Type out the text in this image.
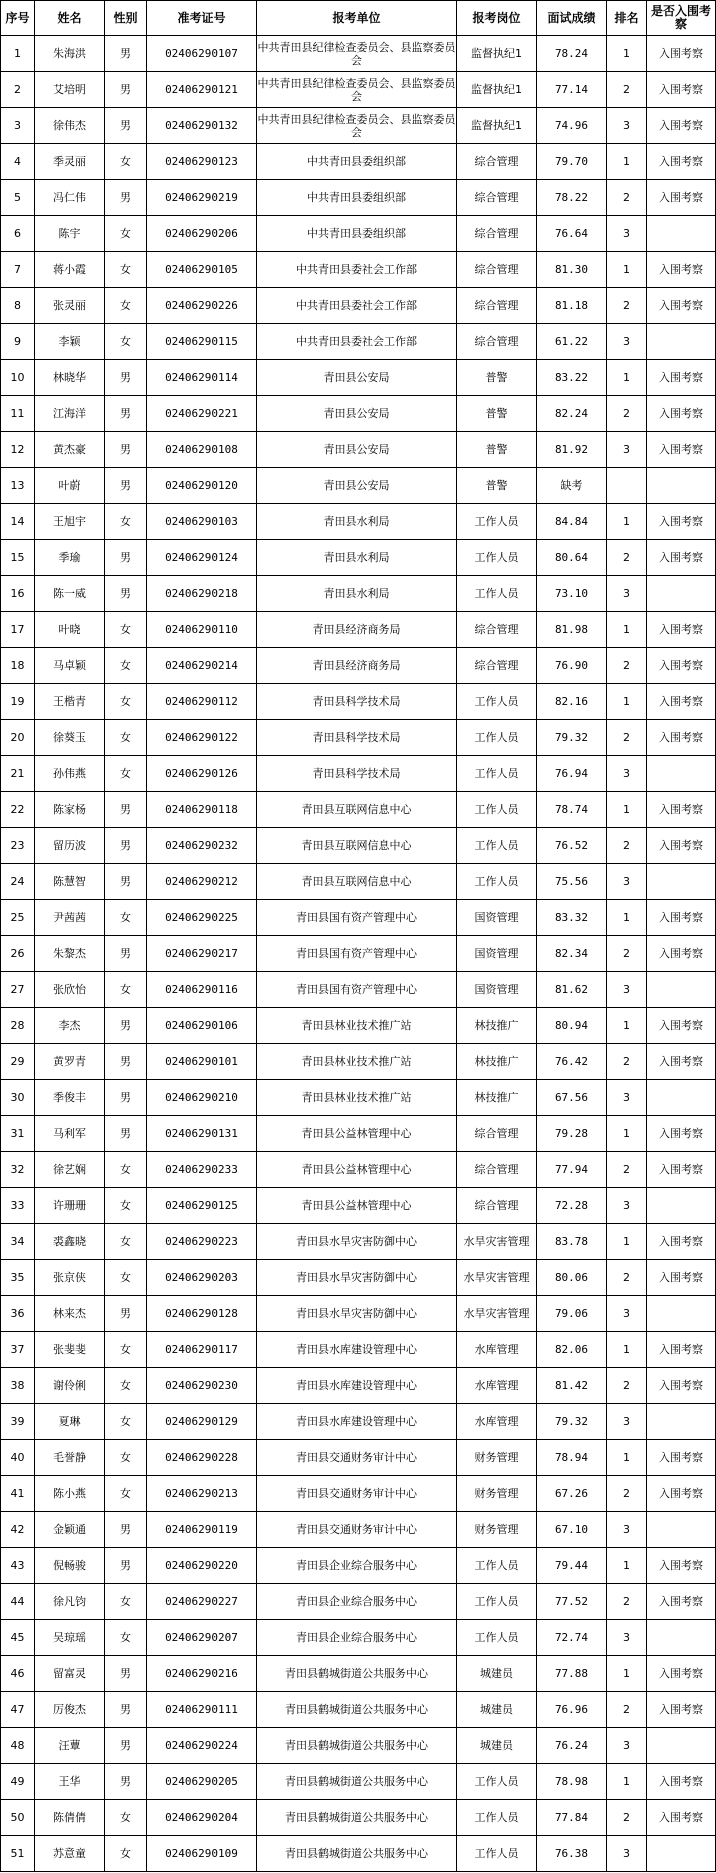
序号	姓名	性别	准考证号	报考单位	报考岗位	面试成绩	排名	是否入围考察
1	朱海洪	男	02406290107	中共青田县纪律检查委员会、县监察委员会	监督执纪1	78.24	1	入围考察
2	艾培明	男	02406290121	中共青田县纪律检查委员会、县监察委员会	监督执纪1	77.14	2	入围考察
3	徐伟杰	男	02406290132	中共青田县纪律检查委员会、县监察委员会	监督执纪1	74.96	3	入围考察
4	季灵丽	女	02406290123	中共青田县委组织部	综合管理	79.70	1	入围考察
5	冯仁伟	男	02406290219	中共青田县委组织部	综合管理	78.22	2	入围考察
6	陈宇	女	02406290206	中共青田县委组织部	综合管理	76.64	3	
7	蒋小霞	女	02406290105	中共青田县委社会工作部	综合管理	81.30	1	入围考察
8	张灵丽	女	02406290226	中共青田县委社会工作部	综合管理	81.18	2	入围考察
9	李颖	女	02406290115	中共青田县委社会工作部	综合管理	61.22	3	
10	林晓华	男	02406290114	青田县公安局	普警	83.22	1	入围考察
11	江海洋	男	02406290221	青田县公安局	普警	82.24	2	入围考察
12	黄杰豪	男	02406290108	青田县公安局	普警	81.92	3	入围考察
13	叶蔚	男	02406290120	青田县公安局	普警	缺考		
14	王旭宇	女	02406290103	青田县水利局	工作人员	84.84	1	入围考察
15	季瑜	男	02406290124	青田县水利局	工作人员	80.64	2	入围考察
16	陈一威	男	02406290218	青田县水利局	工作人员	73.10	3	
17	叶晓	女	02406290110	青田县经济商务局	综合管理	81.98	1	入围考察
18	马卓颖	女	02406290214	青田县经济商务局	综合管理	76.90	2	入围考察
19	王楷青	女	02406290112	青田县科学技术局	工作人员	82.16	1	入围考察
20	徐葵玉	女	02406290122	青田县科学技术局	工作人员	79.32	2	入围考察
21	孙伟燕	女	02406290126	青田县科学技术局	工作人员	76.94	3	
22	陈家杨	男	02406290118	青田县互联网信息中心	工作人员	78.74	1	入围考察
23	留历波	男	02406290232	青田县互联网信息中心	工作人员	76.52	2	入围考察
24	陈慧智	男	02406290212	青田县互联网信息中心	工作人员	75.56	3	
25	尹茜茜	女	02406290225	青田县国有资产管理中心	国资管理	83.32	1	入围考察
26	朱黎杰	男	02406290217	青田县国有资产管理中心	国资管理	82.34	2	入围考察
27	张欣怡	女	02406290116	青田县国有资产管理中心	国资管理	81.62	3	
28	李杰	男	02406290106	青田县林业技术推广站	林技推广	80.94	1	入围考察
29	黄罗青	男	02406290101	青田县林业技术推广站	林技推广	76.42	2	入围考察
30	季俊丰	男	02406290210	青田县林业技术推广站	林技推广	67.56	3	
31	马利军	男	02406290131	青田县公益林管理中心	综合管理	79.28	1	入围考察
32	徐艺娴	女	02406290233	青田县公益林管理中心	综合管理	77.94	2	入围考察
33	许珊珊	女	02406290125	青田县公益林管理中心	综合管理	72.28	3	
34	裘鑫晓	女	02406290223	青田县水旱灾害防御中心	水旱灾害管理	83.78	1	入围考察
35	张京侠	女	02406290203	青田县水旱灾害防御中心	水旱灾害管理	80.06	2	入围考察
36	林来杰	男	02406290128	青田县水旱灾害防御中心	水旱灾害管理	79.06	3	
37	张斐斐	女	02406290117	青田县水库建设管理中心	水库管理	82.06	1	入围考察
38	谢伶俐	女	02406290230	青田县水库建设管理中心	水库管理	81.42	2	入围考察
39	夏琳	女	02406290129	青田县水库建设管理中心	水库管理	79.32	3	
40	毛誉静	女	02406290228	青田县交通财务审计中心	财务管理	78.94	1	入围考察
41	陈小燕	女	02406290213	青田县交通财务审计中心	财务管理	67.26	2	入围考察
42	金颖通	男	02406290119	青田县交通财务审计中心	财务管理	67.10	3	
43	倪畅骏	男	02406290220	青田县企业综合服务中心	工作人员	79.44	1	入围考察
44	徐凡钧	女	02406290227	青田县企业综合服务中心	工作人员	77.52	2	入围考察
45	吴琼瑶	女	02406290207	青田县企业综合服务中心	工作人员	72.74	3	
46	留富灵	男	02406290216	青田县鹤城街道公共服务中心	城建员	77.88	1	入围考察
47	厉俊杰	男	02406290111	青田县鹤城街道公共服务中心	城建员	76.96	2	入围考察
48	汪蕈	男	02406290224	青田县鹤城街道公共服务中心	城建员	76.24	3	
49	王华	男	02406290205	青田县鹤城街道公共服务中心	工作人员	78.98	1	入围考察
50	陈倩倩	女	02406290204	青田县鹤城街道公共服务中心	工作人员	77.84	2	入围考察
51	苏意童	女	02406290109	青田县鹤城街道公共服务中心	工作人员	76.38	3	
